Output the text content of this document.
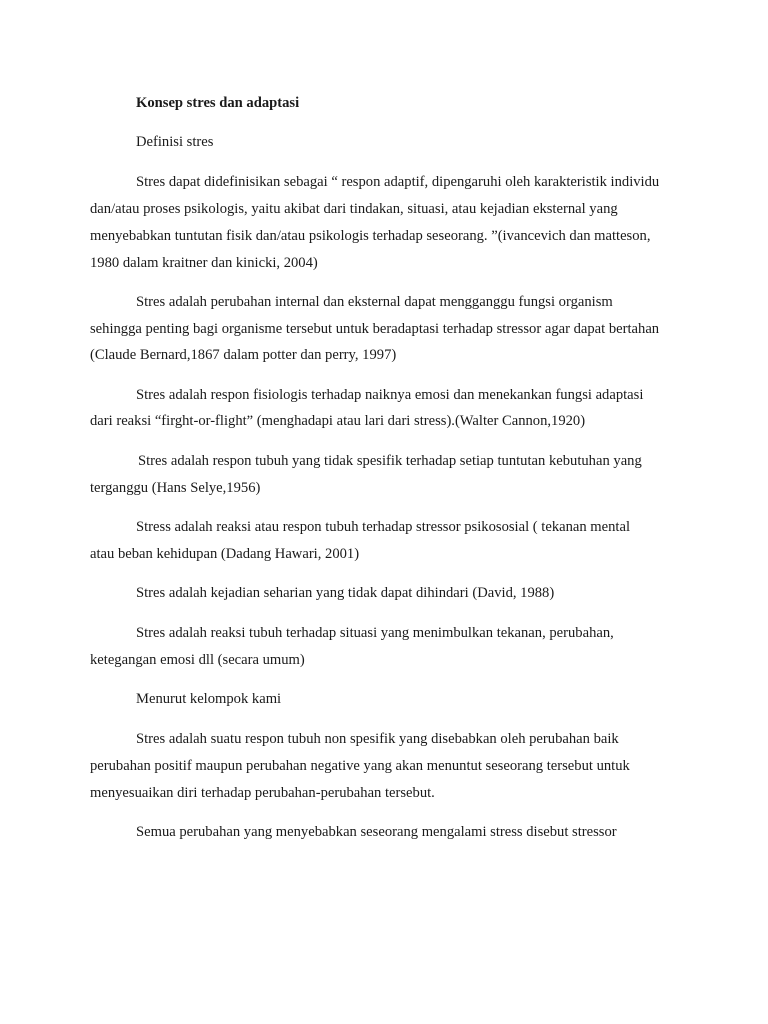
Konsep stres dan adaptasi
Definisi stres
Stres dapat didefinisikan sebagai “ respon adaptif, dipengaruhi oleh karakteristik individu
dan/atau proses psikologis, yaitu akibat dari tindakan, situasi, atau kejadian eksternal yang
menyebabkan tuntutan fisik dan/atau psikologis terhadap seseorang. ”(ivancevich dan matteson,
1980 dalam kraitner dan kinicki, 2004)
Stres adalah perubahan internal dan eksternal dapat mengganggu fungsi organism
sehingga penting bagi organisme tersebut untuk beradaptasi terhadap stressor agar dapat bertahan
(Claude Bernard,1867 dalam potter dan perry, 1997)
Stres adalah respon fisiologis terhadap naiknya emosi dan menekankan fungsi adaptasi
dari reaksi “firght-or-flight” (menghadapi atau lari dari stress).(Walter Cannon,1920)
Stres adalah respon tubuh yang tidak spesifik terhadap setiap tuntutan kebutuhan yang
terganggu (Hans Selye,1956)
Stress adalah reaksi atau respon tubuh terhadap stressor psikososial ( tekanan mental
atau beban kehidupan (Dadang Hawari, 2001)
Stres adalah kejadian seharian yang tidak dapat dihindari (David, 1988)
Stres adalah reaksi tubuh terhadap situasi yang menimbulkan tekanan, perubahan,
ketegangan emosi dll (secara umum)
Menurut kelompok kami
Stres adalah suatu respon tubuh non spesifik yang disebabkan oleh perubahan baik
perubahan positif maupun perubahan negative yang akan menuntut seseorang tersebut untuk
menyesuaikan diri terhadap perubahan-perubahan tersebut.
Semua perubahan yang menyebabkan seseorang mengalami stress disebut stressor
